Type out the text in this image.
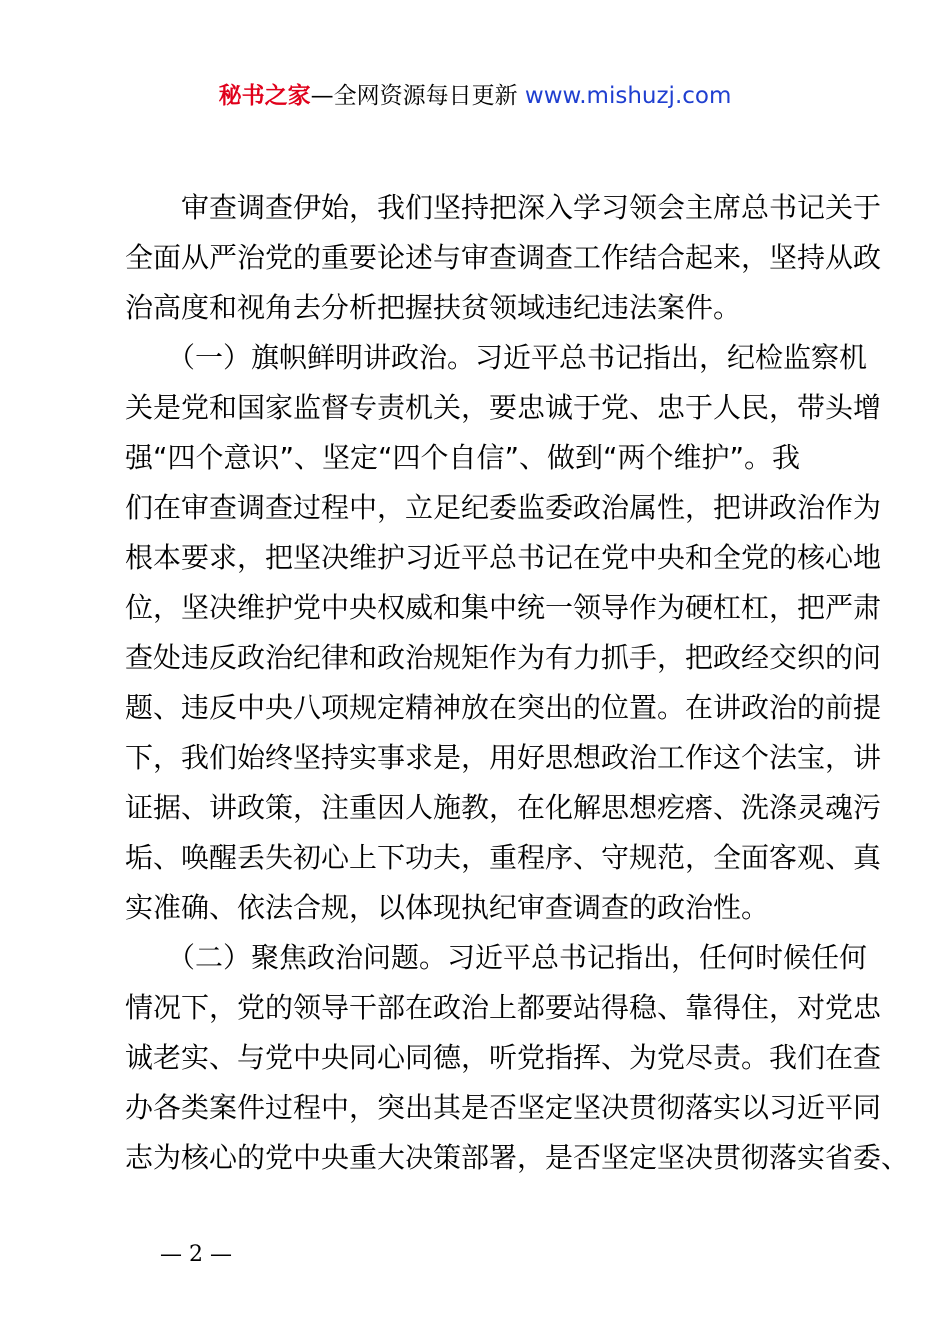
秘书之家—全网资源每日更新 www.mishuzj.com
　　审查调查伊始，我们坚持把深入学习领会主席总书记关于
全面从严治党的重要论述与审查调查工作结合起来，坚持从政
治高度和视角去分析把握扶贫领域违纪违法案件。
　　（一）旗帜鲜明讲政治。习近平总书记指出，纪检监察机
关是党和国家监督专责机关，要忠诚于党、忠于人民，带头增
强“四个意识”、坚定“四个自信”、做到“两个维护”。我
们在审查调查过程中，立足纪委监委政治属性，把讲政治作为
根本要求，把坚决维护习近平总书记在党中央和全党的核心地
位，坚决维护党中央权威和集中统一领导作为硬杠杠，把严肃
查处违反政治纪律和政治规矩作为有力抓手，把政经交织的问
题、违反中央八项规定精神放在突出的位置。在讲政治的前提
下，我们始终坚持实事求是，用好思想政治工作这个法宝，讲
证据、讲政策，注重因人施教，在化解思想疙瘩、洗涤灵魂污
垢、唤醒丢失初心上下功夫，重程序、守规范，全面客观、真
实准确、依法合规，以体现执纪审查调查的政治性。
　　（二）聚焦政治问题。习近平总书记指出，任何时候任何
情况下，党的领导干部在政治上都要站得稳、靠得住，对党忠
诚老实、与党中央同心同德，听党指挥、为党尽责。我们在查
办各类案件过程中，突出其是否坚定坚决贯彻落实以习近平同
志为核心的党中央重大决策部署，是否坚定坚决贯彻落实省委、
— 2 —
